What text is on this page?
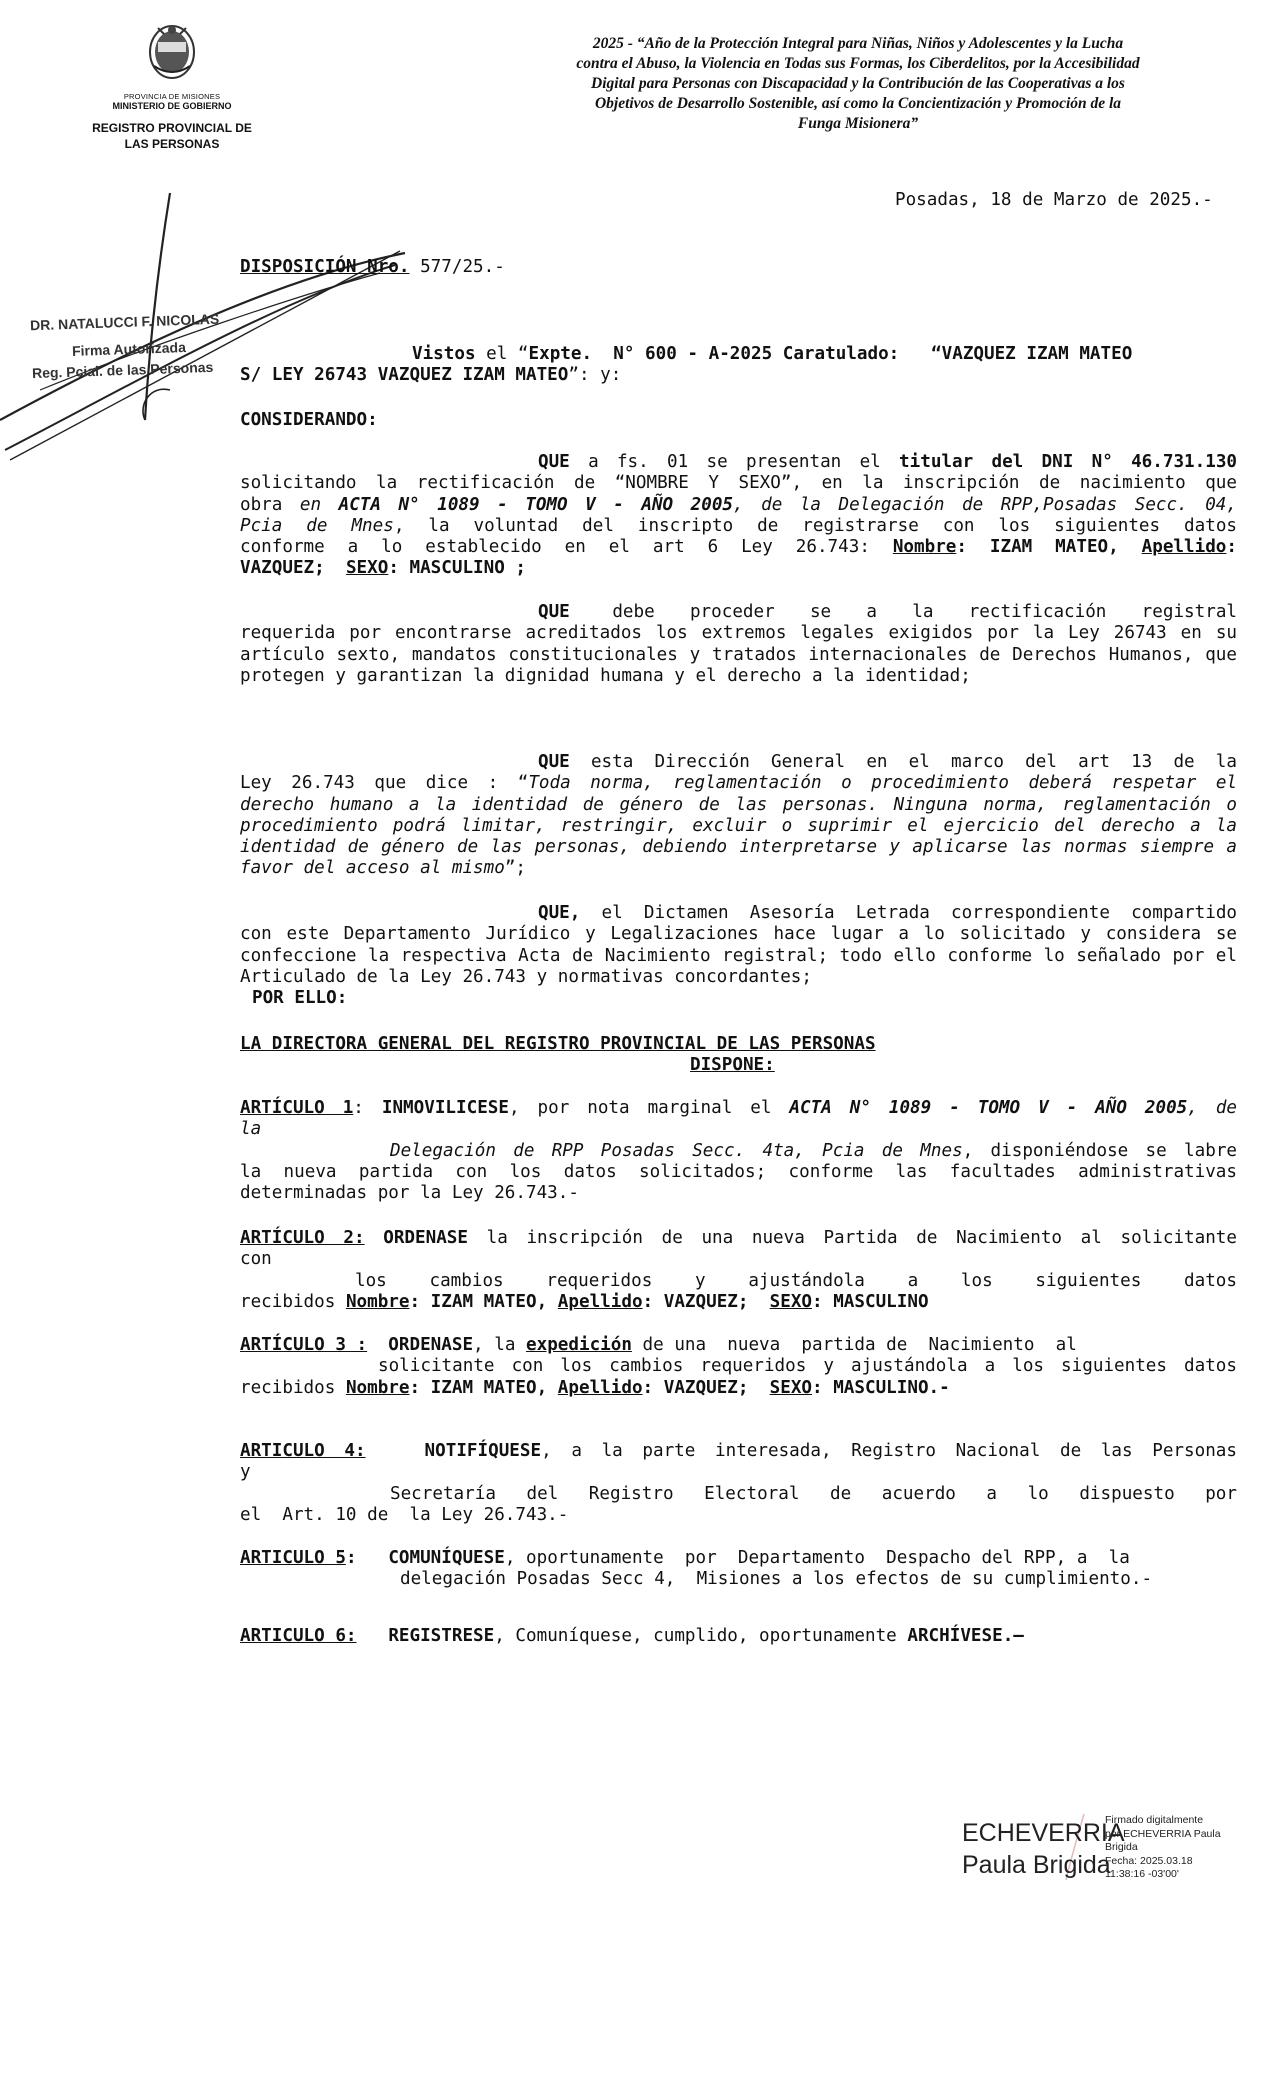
PROVINCIA DE MISIONES
MINISTERIO DE GOBIERNO
REGISTRO PROVINCIAL DE
LAS PERSONAS
2025 - “Año de la Protección Integral para Niñas, Niños y Adolescentes y la Lucha
contra el Abuso, la Violencia en Todas sus Formas, los Ciberdelitos, por la Accesibilidad
Digital para Personas con Discapacidad y la Contribución de las Cooperativas a los
Objetivos de Desarrollo Sostenible, así como la Concientización y Promoción de la
Funga Misionera”
DR. NATALUCCI F. NICOLAS
Firma Autorizada
Reg. Pcial. de las Personas
Posadas, 18 de Marzo de 2025.-
DISPOSICIÓN Nro. 577/25.-
Vistos el “Expte.  N° 600 - A-2025 Caratulado:   “VAZQUEZ IZAM MATEO
S/ LEY 26743 VAZQUEZ IZAM MATEO”: y:
CONSIDERANDO:
QUE a fs. 01 se presentan el titular del DNI N° 46.731.130
solicitando la rectificación de “NOMBRE Y SEXO”, en la inscripción de nacimiento que
obra en ACTA N° 1089 - TOMO V - AÑO 2005, de la Delegación de RPP,Posadas Secc. 04,
Pcia de Mnes, la voluntad del inscripto de registrarse con los siguientes datos
conforme a lo establecido en el art 6 Ley 26.743: Nombre: IZAM MATEO, Apellido:
VAZQUEZ;  SEXO: MASCULINO ;
QUE debe proceder se a la rectificación registral
requerida por encontrarse acreditados los extremos legales exigidos por la Ley 26743 en su artículo sexto, mandatos constitucionales y tratados internacionales de Derechos Humanos, que protegen y garantizan la dignidad humana y el derecho a la identidad;
QUE esta Dirección General en el marco del art 13 de la
Ley 26.743 que dice : “Toda norma, reglamentación o procedimiento deberá respetar el
derecho humano a la identidad de género de las personas. Ninguna norma, reglamentación o procedimiento podrá limitar, restringir, excluir o suprimir el ejercicio del derecho a la identidad de género de las personas, debiendo interpretarse y aplicarse las normas siempre a favor del acceso al mismo”;
QUE, el Dictamen Asesoría Letrada correspondiente compartido
con este Departamento Jurídico y Legalizaciones hace lugar a lo solicitado y considera se confeccione la respectiva Acta de Nacimiento registral; todo ello conforme lo señalado por el Articulado de la Ley 26.743 y normativas concordantes;
POR ELLO:
LA DIRECTORA GENERAL DEL REGISTRO PROVINCIAL DE LAS PERSONAS
DISPONE:
ARTÍCULO 1: INMOVILICESE, por nota marginal el ACTA N° 1089 - TOMO V - AÑO 2005, de
la
Delegación de RPP Posadas Secc. 4ta, Pcia de Mnes, disponiéndose se labre
la nueva partida con los datos solicitados; conforme las facultades administrativas determinadas por la Ley 26.743.-
ARTÍCULO 2: ORDENASE la inscripción de una nueva Partida de Nacimiento al solicitante
con
los cambios requeridos y ajustándola a los siguientes datos
recibidos Nombre: IZAM MATEO, Apellido: VAZQUEZ;  SEXO: MASCULINO
ARTÍCULO 3 : ORDENASE, la expedición de una  nueva  partida de  Nacimiento  al
solicitante con los cambios requeridos y ajustándola a los siguientes datos
recibidos Nombre: IZAM MATEO, Apellido: VAZQUEZ;  SEXO: MASCULINO.-
ARTICULO 4:	NOTIFÍQUESE, a la parte interesada, Registro Nacional de las Personas
y
Secretaría del Registro Electoral de acuerdo a lo dispuesto por
el  Art. 10 de  la Ley 26.743.-
ARTICULO 5: COMUNÍQUESE, oportunamente  por  Departamento  Despacho del RPP, a  la
delegación Posadas Secc 4,  Misiones a los efectos de su cumplimiento.-
ARTICULO 6: REGISTRESE, Comuníquese, cumplido, oportunamente ARCHÍVESE.—
ECHEVERRIA
Paula Brigida
Firmado digitalmente
por ECHEVERRIA Paula
Brigida
Fecha: 2025.03.18
11:38:16 -03'00'
